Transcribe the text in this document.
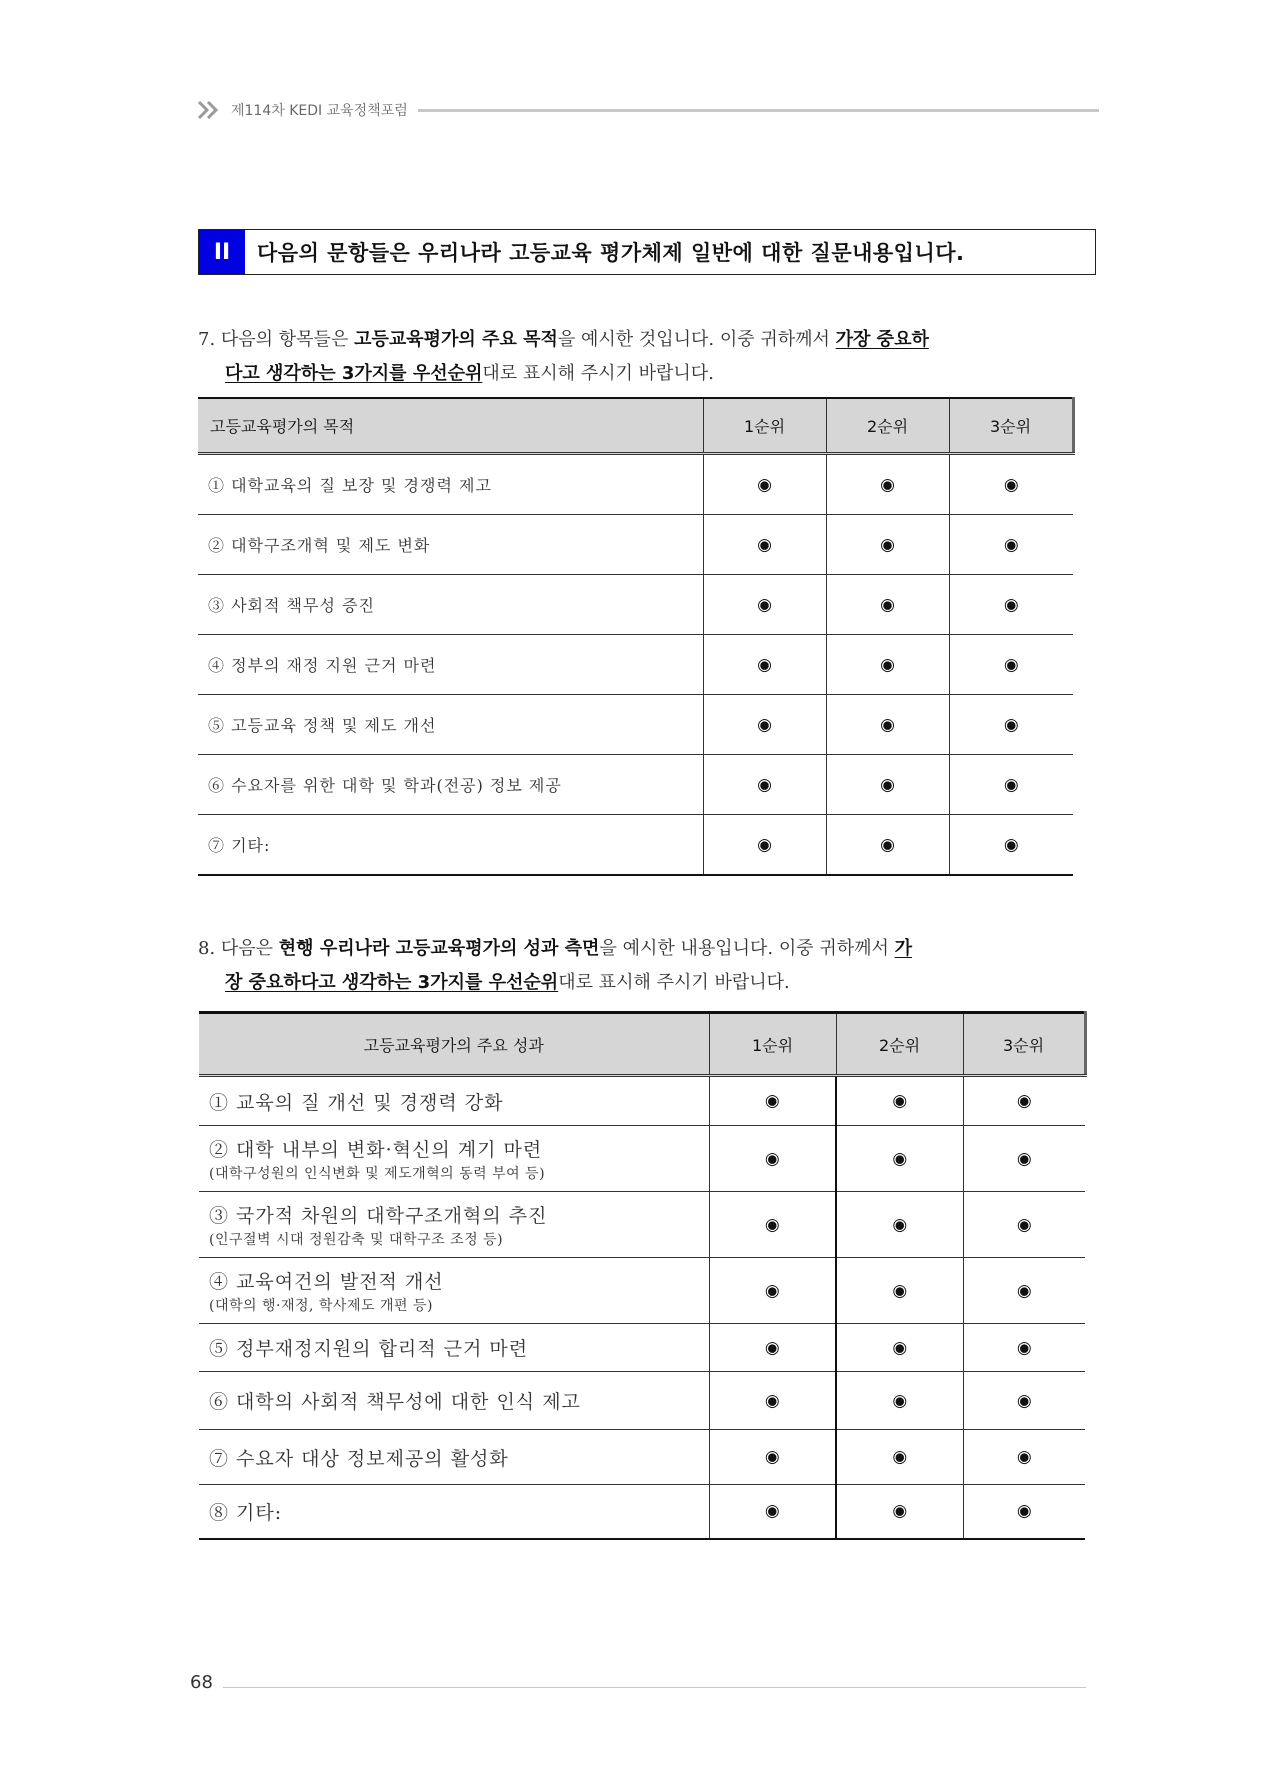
제114차 KEDI 교육정책포럼
II	다음의 문항들은 우리나라 고등교육 평가체제 일반에 대한 질문내용입니다.
7. 다음의 항목들은 고등교육평가의 주요 목적을 예시한 것입니다. 이중 귀하께서 가장 중요하
다고 생각하는 3가지를 우선순위대로 표시해 주시기 바랍니다.
고등교육평가의 목적	1순위	2순위	3순위
① 대학교육의 질 보장 및 경쟁력 제고	◉	◉	◉
② 대학구조개혁 및 제도 변화	◉	◉	◉
③ 사회적 책무성 증진	◉	◉	◉
④ 정부의 재정 지원 근거 마련	◉	◉	◉
⑤ 고등교육 정책 및 제도 개선	◉	◉	◉
⑥ 수요자를 위한 대학 및 학과(전공) 정보 제공	◉	◉	◉
⑦ 기타:	◉	◉	◉
8. 다음은 현행 우리나라 고등교육평가의 성과 측면을 예시한 내용입니다. 이중 귀하께서 가
장 중요하다고 생각하는 3가지를 우선순위대로 표시해 주시기 바랍니다.
고등교육평가의 주요 성과	1순위	2순위	3순위
① 교육의 질 개선 및 경쟁력 강화	◉	◉	◉
② 대학 내부의 변화·혁신의 계기 마련
(대학구성원의 인식변화 및 제도개혁의 동력 부여 등)	◉	◉	◉
③ 국가적 차원의 대학구조개혁의 추진
(인구절벽 시대 정원감축 및 대학구조 조정 등)	◉	◉	◉
④ 교육여건의 발전적 개선
(대학의 행·재정, 학사제도 개편 등)	◉	◉	◉
⑤ 정부재정지원의 합리적 근거 마련	◉	◉	◉
⑥ 대학의 사회적 책무성에 대한 인식 제고	◉	◉	◉
⑦ 수요자 대상 정보제공의 활성화	◉	◉	◉
⑧ 기타:	◉	◉	◉
68
